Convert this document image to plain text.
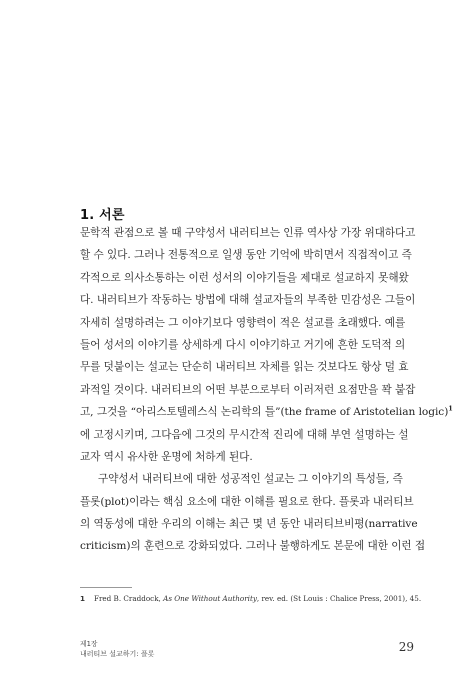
1. 서론
문학적 관점으로 볼 때 구약성서 내러티브는 인류 역사상 가장 위대하다고
할 수 있다. 그러나 전통적으로 일생 동안 기억에 박히면서 직접적이고 즉
각적으로 의사소통하는 이런 성서의 이야기들을 제대로 설교하지 못해왔
다. 내러티브가 작동하는 방법에 대해 설교자들의 부족한 민감성은 그들이
자세히 설명하려는 그 이야기보다 영향력이 적은 설교를 초래했다. 예를
들어 성서의 이야기를 상세하게 다시 이야기하고 거기에 흔한 도덕적 의
무를 덧붙이는 설교는 단순히 내러티브 자체를 읽는 것보다도 항상 덜 효
과적일 것이다. 내러티브의 어떤 부분으로부터 이러저런 요점만을 꽉 붙잡
고, 그것을 “아리스토텔레스식 논리학의 틀”(the frame of Aristotelian logic)$^1$
에 고정시키며, 그다음에 그것의 무시간적 진리에 대해 부연 설명하는 설
교자 역시 유사한 운명에 처하게 된다.
구약성서 내러티브에 대한 성공적인 설교는 그 이야기의 특성들, 즉
플롯(plot)이라는 핵심 요소에 대한 이해를 필요로 한다. 플롯과 내러티브
의 역동성에 대한 우리의 이해는 최근 몇 년 동안 내러티브비평(narrative
criticism)의 훈련으로 강화되었다. 그러나 불행하게도 본문에 대한 이런 접
1 Fred B. Craddock, As One Without Authority, rev. ed. (St Louis : Chalice Press, 2001), 45.
제1장
내러티브 설교하기: 플롯	29
